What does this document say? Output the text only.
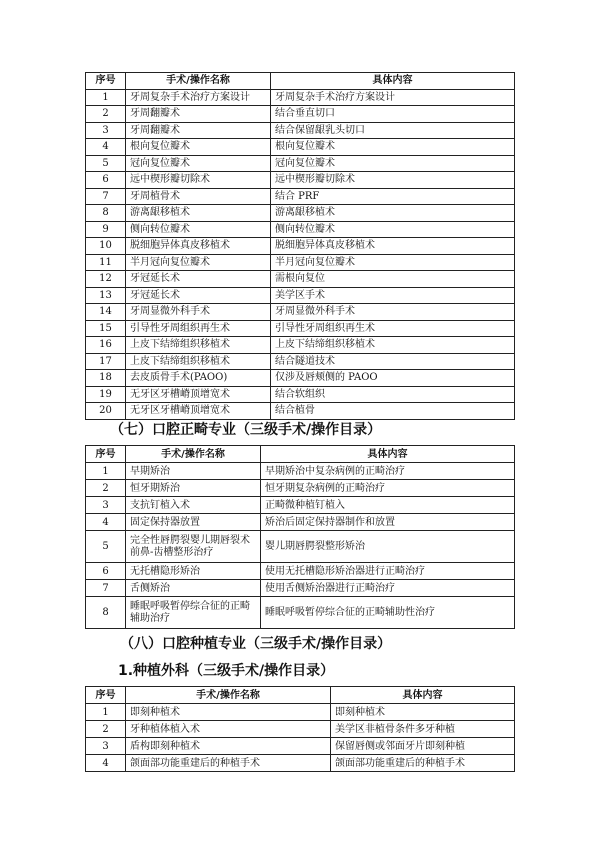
序号	手术/操作名称	具体内容
1	牙周复杂手术治疗方案设计	牙周复杂手术治疗方案设计
2	牙周翻瓣术	结合垂直切口
3	牙周翻瓣术	结合保留龈乳头切口
4	根向复位瓣术	根向复位瓣术
5	冠向复位瓣术	冠向复位瓣术
6	远中楔形瓣切除术	远中楔形瓣切除术
7	牙周植骨术	结合 PRF
8	游离龈移植术	游离龈移植术
9	侧向转位瓣术	侧向转位瓣术
10	脱细胞异体真皮移植术	脱细胞异体真皮移植术
11	半月冠向复位瓣术	半月冠向复位瓣术
12	牙冠延长术	需根向复位
13	牙冠延长术	美学区手术
14	牙周显微外科手术	牙周显微外科手术
15	引导性牙周组织再生术	引导性牙周组织再生术
16	上皮下结缔组织移植术	上皮下结缔组织移植术
17	上皮下结缔组织移植术	结合隧道技术
18	去皮质骨手术(PAOO)	仅涉及唇颊侧的 PAOO
19	无牙区牙槽嵴顶增宽术	结合软组织
20	无牙区牙槽嵴顶增宽术	结合植骨
（七）口腔正畸专业（三级手术/操作目录）
序号	手术/操作名称	具体内容
1	早期矫治	早期矫治中复杂病例的正畸治疗
2	恒牙期矫治	恒牙期复杂病例的正畸治疗
3	支抗钉植入术	正畸微种植钉植入
4	固定保持器放置	矫治后固定保持器制作和放置
5	完全性唇腭裂婴儿期唇裂术前鼻-齿槽整形治疗	婴儿期唇腭裂整形矫治
6	无托槽隐形矫治	使用无托槽隐形矫治器进行正畸治疗
7	舌侧矫治	使用舌侧矫治器进行正畸治疗
8	睡眠呼吸暂停综合征的正畸辅助治疗	睡眠呼吸暂停综合征的正畸辅助性治疗
（八）口腔种植专业（三级手术/操作目录）
1.种植外科（三级手术/操作目录）
序号	手术/操作名称	具体内容
1	即刻种植术	即刻种植术
2	牙种植体植入术	美学区非植骨条件多牙种植
3	盾构即刻种植术	保留唇侧或邻面牙片即刻种植
4	颌面部功能重建后的种植手术	颌面部功能重建后的种植手术
